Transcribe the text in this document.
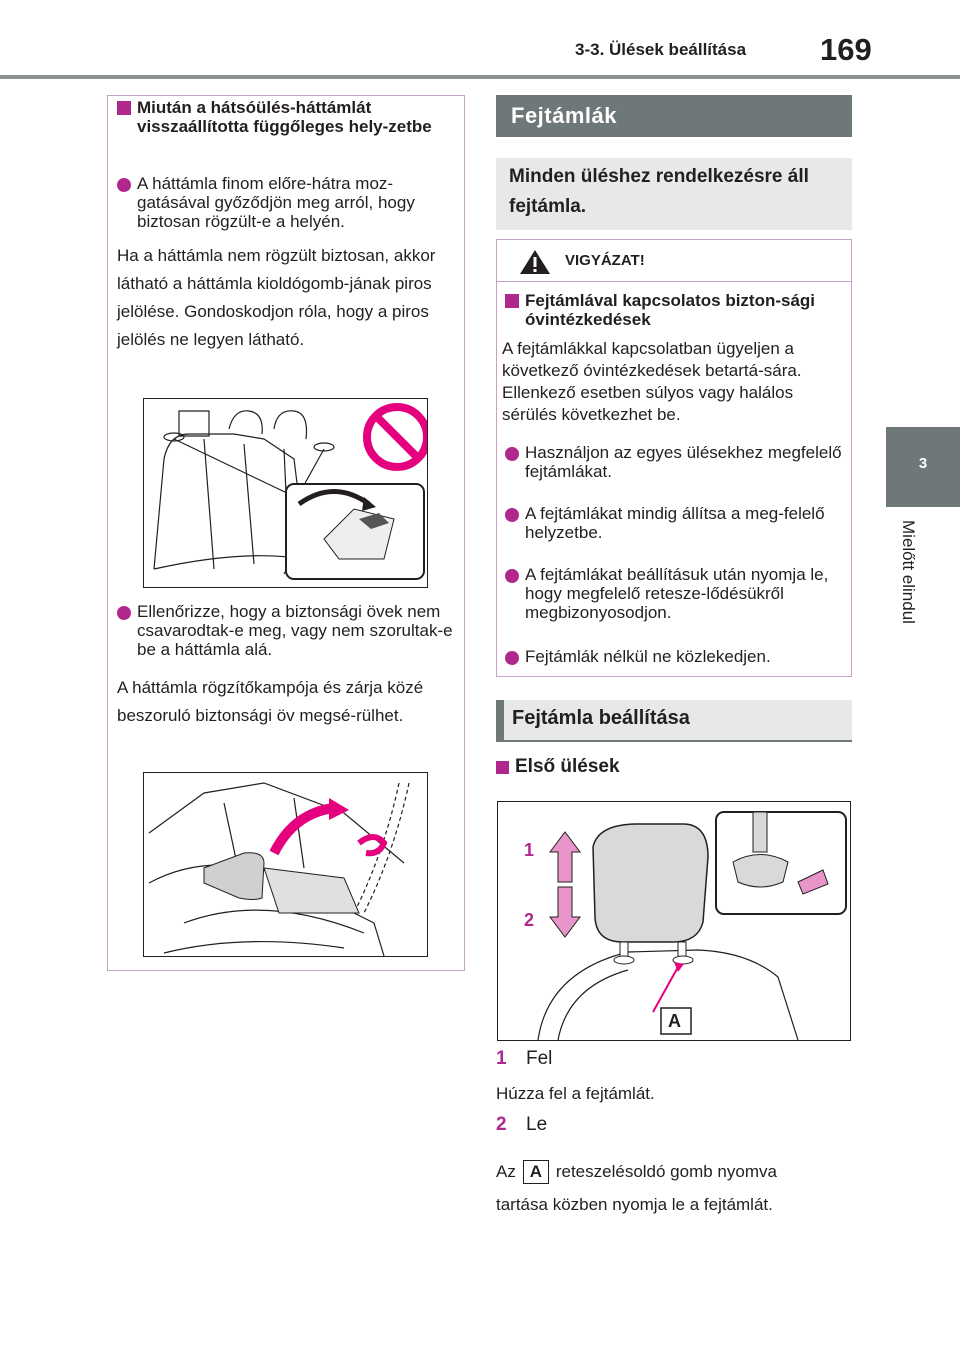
3-3. Ülések beállítása 169
3
Mielőtt elindul
Miután a hátsóülés-háttámlát visszaállította függőleges hely-zetbe
A háttámla finom előre-hátra moz-gatásával győződjön meg arról, hogy biztosan rögzült-e a helyén.
Ha a háttámla nem rögzült biztosan, akkor látható a háttámla kioldógomb-jának piros jelölése. Gondoskodjon róla, hogy a piros jelölés ne legyen látható.
Ellenőrizze, hogy a biztonsági övek nem csavarodtak-e meg, vagy nem szorultak-e be a háttámla alá.
A háttámla rögzítőkampója és zárja közé beszoruló biztonsági öv megsé-rülhet.
Fejtámlák
Minden üléshez rendelkezésre áll fejtámla.
VIGYÁZAT!
Fejtámlával kapcsolatos bizton-sági óvintézkedések
A fejtámlákkal kapcsolatban ügyeljen a következő óvintézkedések betartá-sára. Ellenkező esetben súlyos vagy halálos sérülés következhet be.
Használjon az egyes ülésekhez megfelelő fejtámlákat.
A fejtámlákat mindig állítsa a meg-felelő helyzetbe.
A fejtámlákat beállításuk után nyomja le, hogy megfelelő retesze-lődésükről megbizonyosodjon.
Fejtámlák nélkül ne közlekedjen.
Fejtámla beállítása
Első ülések
1
2
A
1	Fel
Húzza fel a fejtámlát.
2	Le
Az A reteszelésoldó gomb nyomva
tartása közben nyomja le a fejtámlát.
